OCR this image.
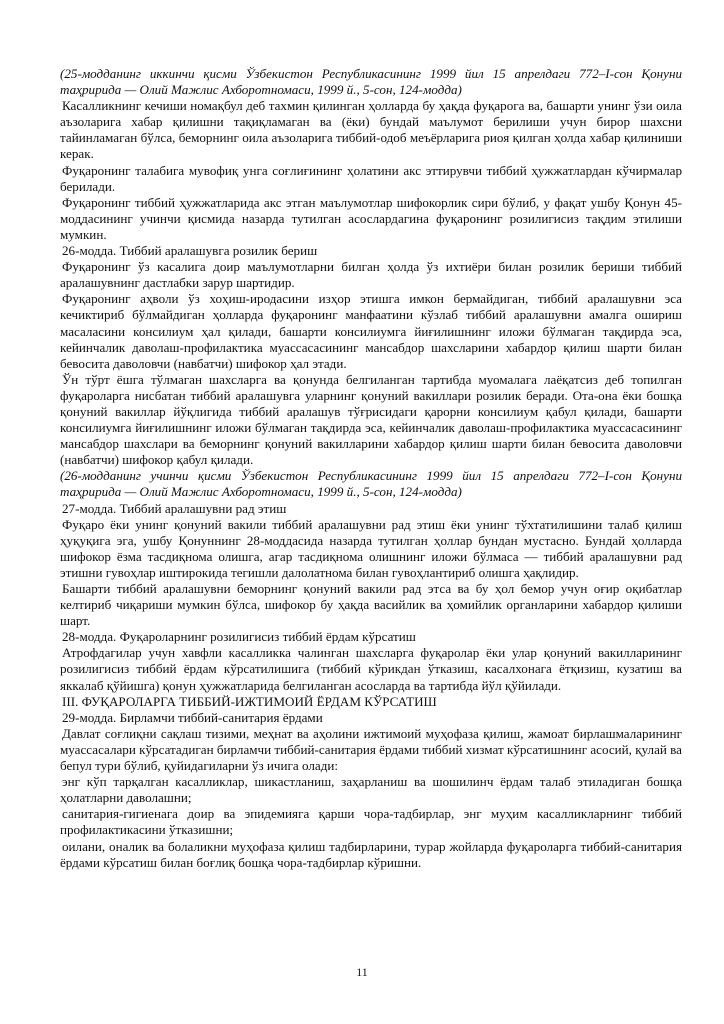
(25-модданинг иккинчи қисми Ўзбекистон Республикасининг 1999 йил 15 апрелдаги 772–I-сон Қонуни таҳририда — Олий Мажлис Ахборотномаси, 1999 й., 5-сон, 124-модда)

Касалликнинг кечиши номақбул деб тахмин қилинган ҳолларда бу ҳақда фуқарога ва, башарти унинг ўзи оила аъзоларига хабар қилишни тақиқламаган ва (ёки) бундай маълумот берилиши учун бирор шахсни тайинламаган бўлса, беморнинг оила аъзоларига тиббий-одоб меъёрларига риоя қилган ҳолда хабар қилиниши керак.

Фуқаронинг талабига мувофиқ унга соғлиғининг ҳолатини акс эттирувчи тиббий ҳужжатлардан кўчирмалар берилади.

Фуқаронинг тиббий ҳужжатларида акс этган маълумотлар шифокорлик сири бўлиб, у фақат ушбу Қонун 45-моддасининг учинчи қисмида назарда тутилган асослардагина фуқаронинг розилигисиз тақдим этилиши мумкин.

26-модда. Тиббий аралашувга розилик бериш

Фуқаронинг ўз касалига доир маълумотларни билган ҳолда ўз ихтиёри билан розилик бериши тиббий аралашувнинг дастлабки зарур шартидир.

Фуқаронинг аҳволи ўз хоҳиш-иродасини изҳор этишга имкон бермайдиган, тиббий аралашувни эса кечиктириб бўлмайдиган ҳолларда фуқаронинг манфаатини кўзлаб тиббий аралашувни амалга ошириш масаласини консилиум ҳал қилади, башарти консилиумга йиғилишнинг иложи бўлмаган тақдирда эса, кейинчалик даволаш-профилактика муассасасининг мансабдор шахсларини хабардор қилиш шарти билан бевосита даволовчи (навбатчи) шифокор ҳал этади.

Ўн тўрт ёшга тўлмаган шахсларга ва қонунда белгиланган тартибда муомалага лаёқатсиз деб топилган фуқароларга нисбатан тиббий аралашувга уларнинг қонуний вакиллари розилик беради. Ота-она ёки бошқа қонуний вакиллар йўқлигида тиббий аралашув тўғрисидаги қарорни консилиум қабул қилади, башарти консилиумга йиғилишнинг иложи бўлмаган тақдирда эса, кейинчалик даволаш-профилактика муассасасининг мансабдор шахслари ва беморнинг қонуний вакилларини хабардор қилиш шарти билан бевосита даволовчи (навбатчи) шифокор қабул қилади.

(26-модданинг учинчи қисми Ўзбекистон Республикасининг 1999 йил 15 апрелдаги 772–I-сон Қонуни таҳририда — Олий Мажлис Ахборотномаси, 1999 й., 5-сон, 124-модда)

27-модда. Тиббий аралашувни рад этиш

Фуқаро ёки унинг қонуний вакили тиббий аралашувни рад этиш ёки унинг тўхтатилишини талаб қилиш ҳуқуқига эга, ушбу Қонуннинг 28-моддасида назарда тутилган ҳоллар бундан мустасно. Бундай ҳолларда шифокор ёзма тасдиқнома олишга, агар тасдиқнома олишнинг иложи бўлмаса — тиббий аралашувни рад этишни гувоҳлар иштирокида тегишли далолатнома билан гувоҳлантириб олишга ҳақлидир.

Башарти тиббий аралашувни беморнинг қонуний вакили рад этса ва бу ҳол бемор учун оғир оқибатлар келтириб чиқариши мумкин бўлса, шифокор бу ҳақда васийлик ва ҳомийлик органларини хабардор қилиши шарт.

28-модда. Фуқароларнинг розилигисиз тиббий ёрдам кўрсатиш

Атрофдагилар учун хавфли касалликка чалинган шахсларга фуқаролар ёки улар қонуний вакилларининг розилигисиз тиббий ёрдам кўрсатилишига (тиббий кўрикдан ўтказиш, касалхонага ётқизиш, кузатиш ва яккалаб қўйишга) қонун ҳужжатларида белгиланган асосларда ва тартибда йўл қўйилади.

III. ФУҚАРОЛАРГА ТИББИЙ-ИЖТИМОИЙ ЁРДАМ КЎРСАТИШ

29-модда. Бирламчи тиббий-санитария ёрдами

Давлат соғлиқни сақлаш тизими, меҳнат ва аҳолини ижтимоий муҳофаза қилиш, жамоат бирлашмаларининг муассасалари кўрсатадиган бирламчи тиббий-санитария ёрдами тиббий хизмат кўрсатишнинг асосий, қулай ва бепул тури бўлиб, қуйидагиларни ўз ичига олади:

энг кўп тарқалган касалликлар, шикастланиш, заҳарланиш ва шошилинч ёрдам талаб этиладиган бошқа ҳолатларни даволашни;

санитария-гигиенага доир ва эпидемияга қарши чора-тадбирлар, энг муҳим касалликларнинг тиббий профилактикасини ўтказишни;

оилани, оналик ва болаликни муҳофаза қилиш тадбирларини, турар жойларда фуқароларга тиббий-санитария ёрдами кўрсатиш билан боғлиқ бошқа чора-тадбирлар кўришни.

11
